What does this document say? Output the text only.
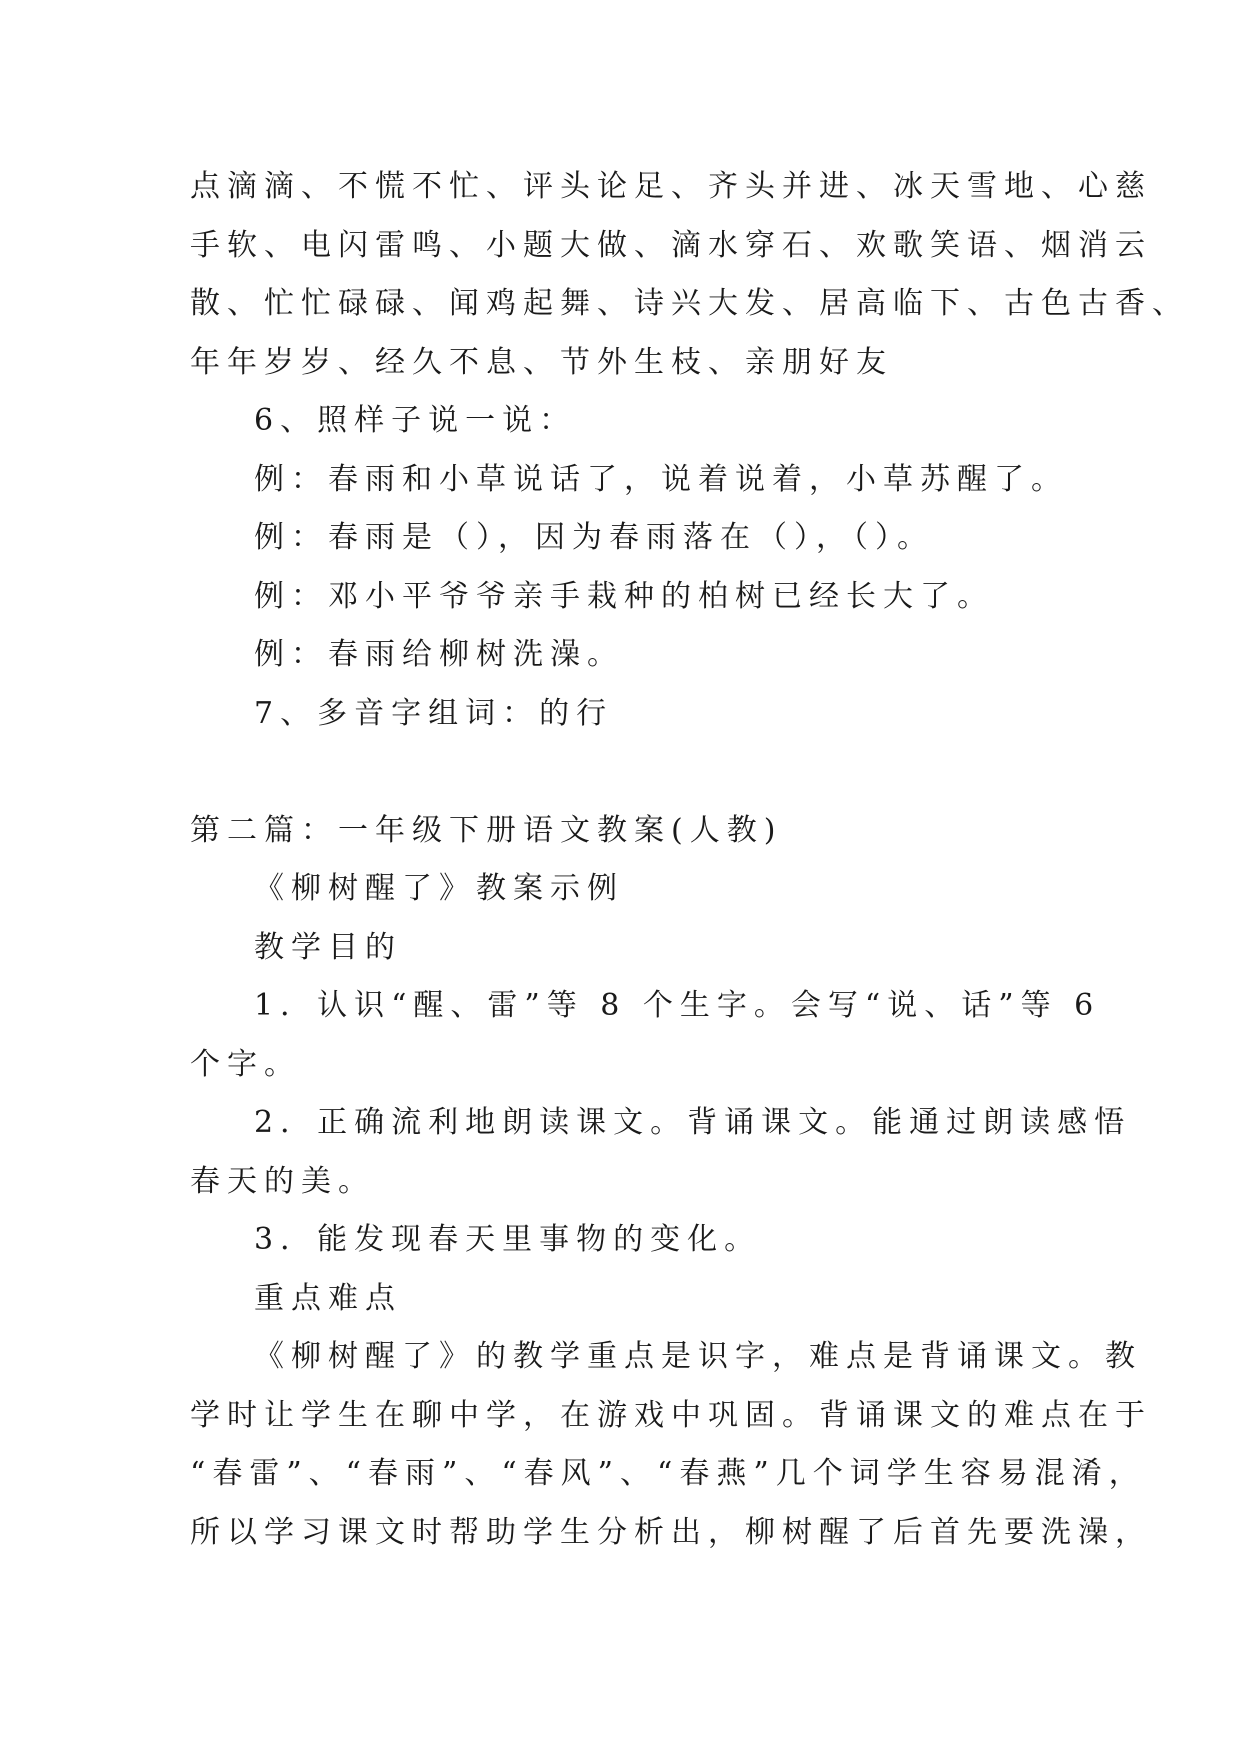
点滴滴、不慌不忙、评头论足、齐头并进、冰天雪地、心慈
手软、电闪雷鸣、小题大做、滴水穿石、欢歌笑语、烟消云
散、忙忙碌碌、闻鸡起舞、诗兴大发、居高临下、古色古香、
年年岁岁、经久不息、节外生枝、亲朋好友
6、照样子说一说：
例：春雨和小草说话了，说着说着，小草苏醒了。
例：春雨是（），因为春雨落在（），（）。
例：邓小平爷爷亲手栽种的柏树已经长大了。
例：春雨给柳树洗澡。
7、多音字组词：的行
第二篇：一年级下册语文教案(人教)
《柳树醒了》教案示例
教学目的
1．认识“醒、雷”等 8 个生字。会写“说、话”等 6
个字。
2．正确流利地朗读课文。背诵课文。能通过朗读感悟
春天的美。
3．能发现春天里事物的变化。
重点难点
《柳树醒了》的教学重点是识字，难点是背诵课文。教
学时让学生在聊中学，在游戏中巩固。背诵课文的难点在于
“春雷”、“春雨”、“春风”、“春燕”几个词学生容易混淆，
所以学习课文时帮助学生分析出，柳树醒了后首先要洗澡，
